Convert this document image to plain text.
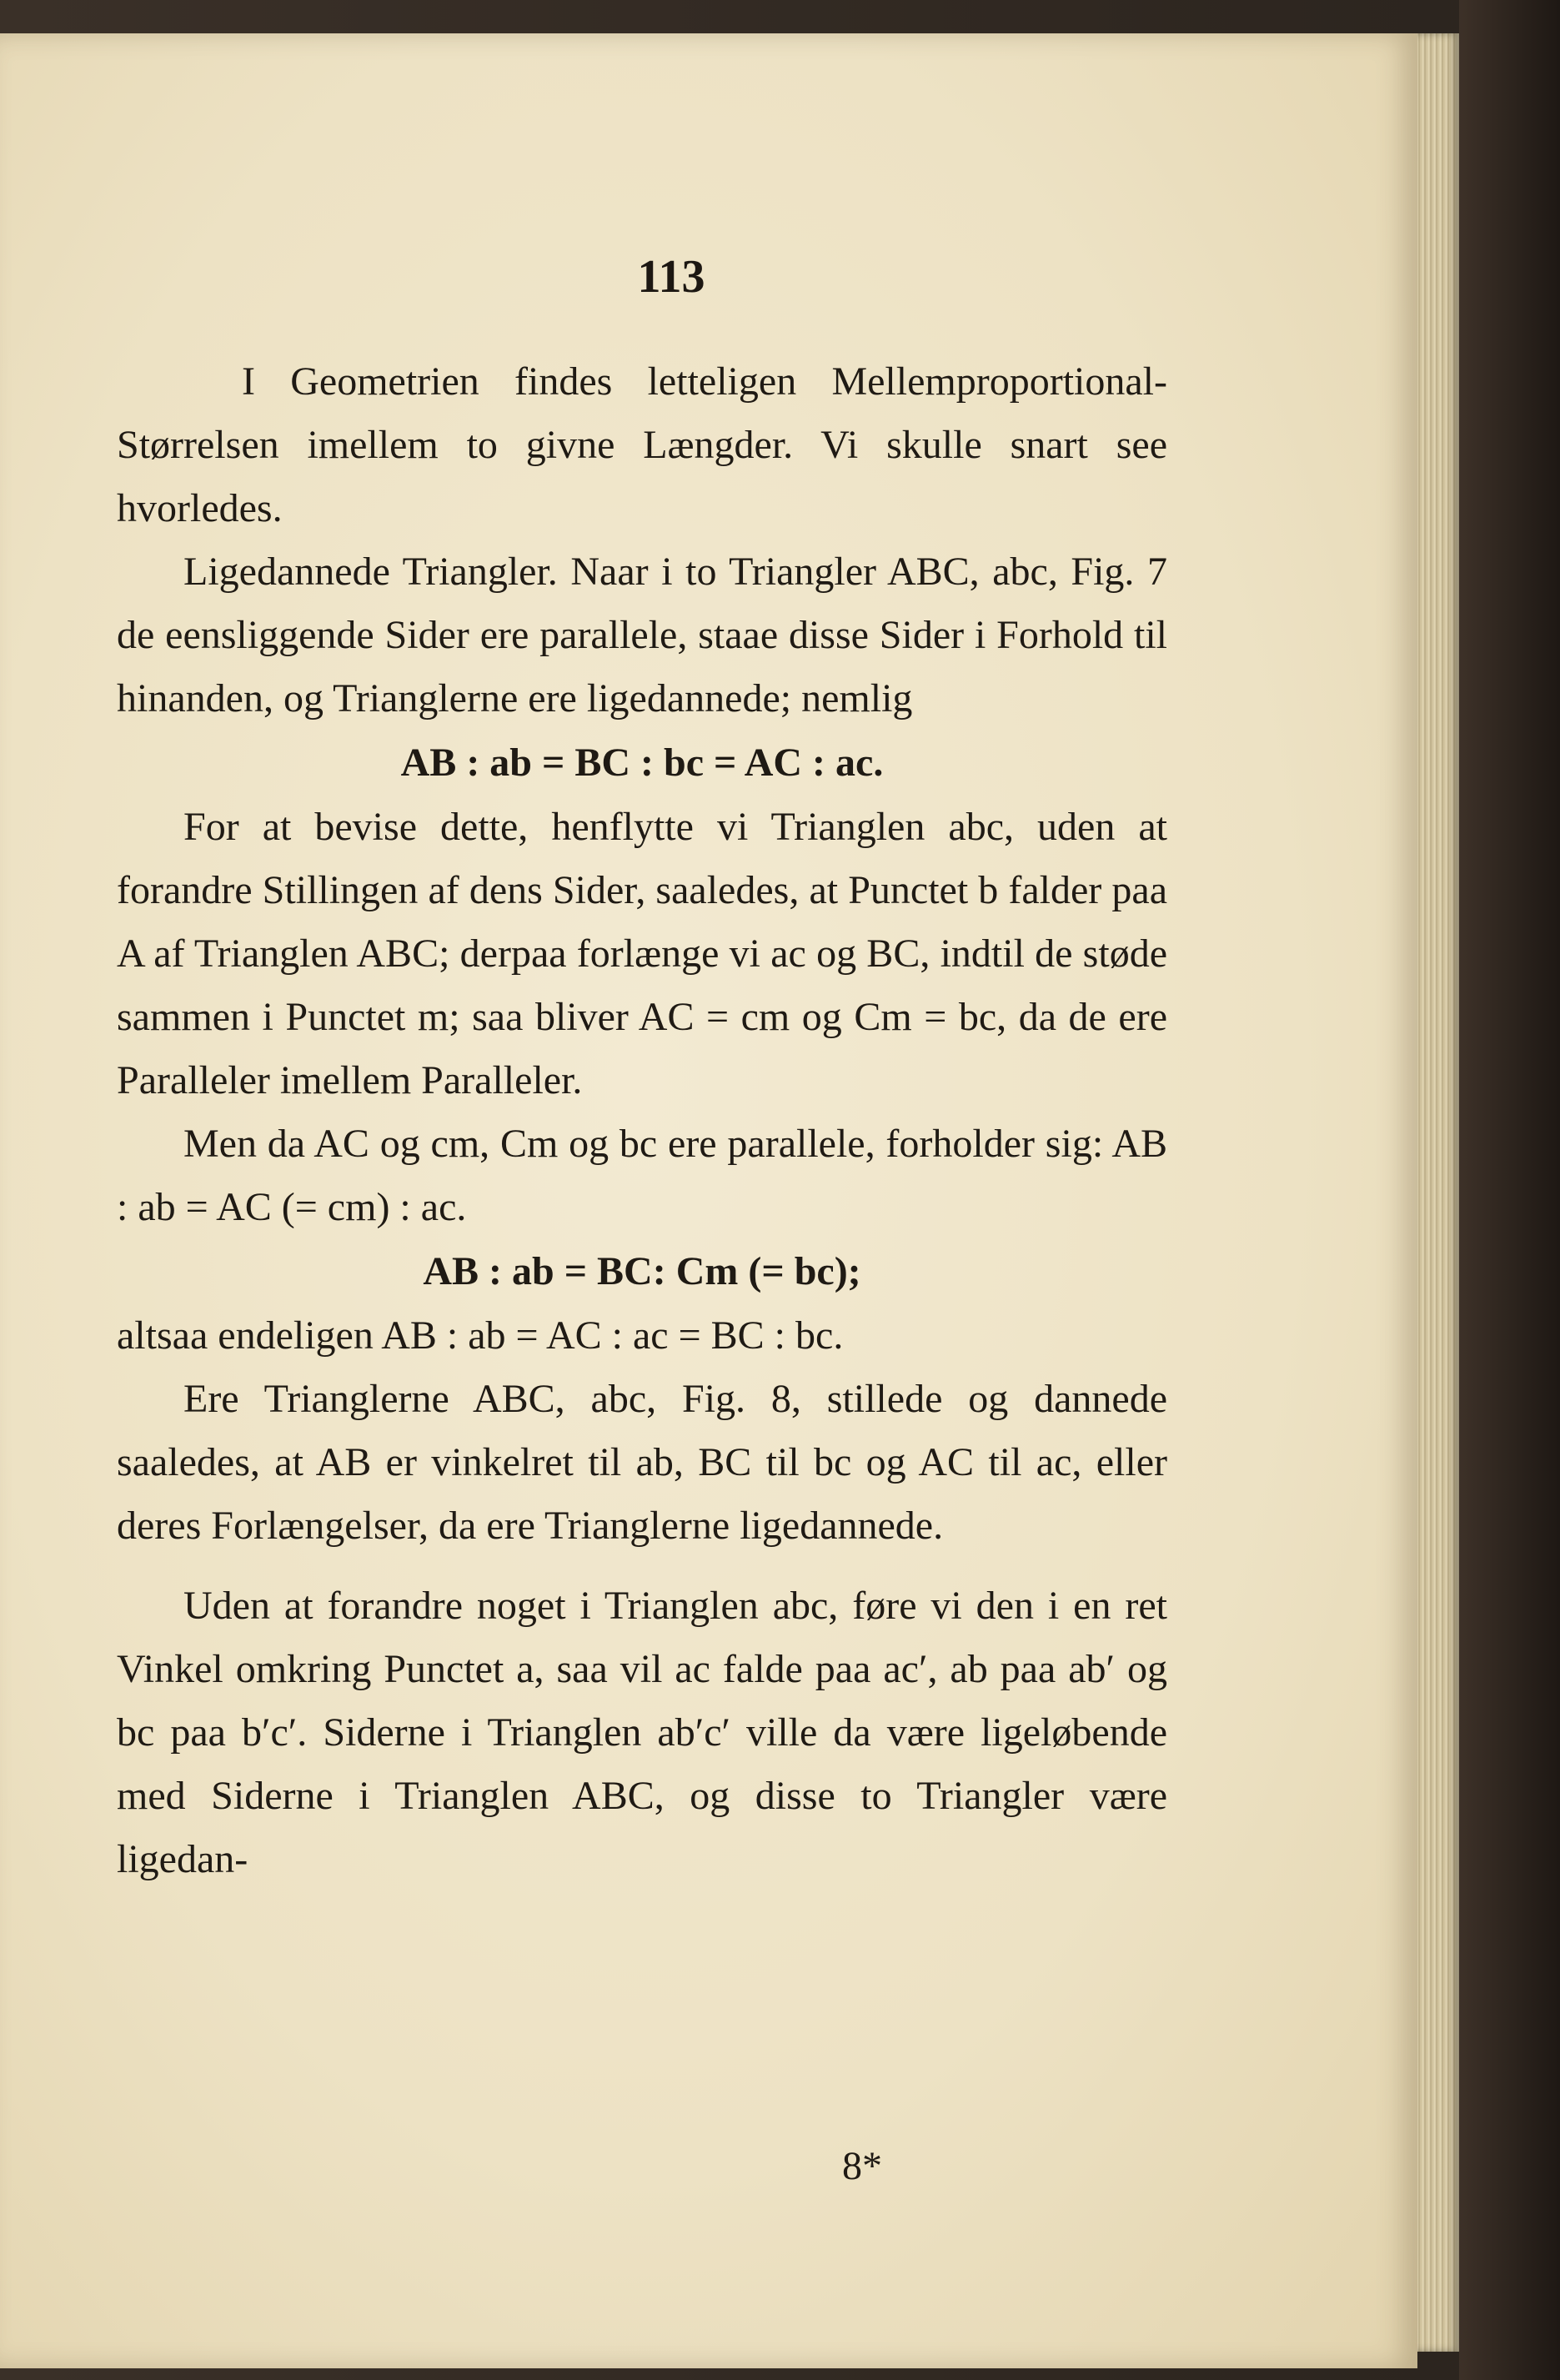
113

I Geometrien findes letteligen Mellemproportional-Størrelsen imellem to givne Længder. Vi skulle snart see hvorledes.

Ligedannede Triangler. Naar i to Triangler ABC, abc, Fig. 7 de eensliggende Sider ere parallele, staae disse Sider i Forhold til hinanden, og Trianglerne ere ligedannede; nemlig

AB : ab = BC : bc = AC : ac.

For at bevise dette, henflytte vi Trianglen abc, uden at forandre Stillingen af dens Sider, saaledes, at Punctet b falder paa A af Trianglen ABC; derpaa forlænge vi ac og BC, indtil de støde sammen i Punctet m; saa bliver AC = cm og Cm = bc, da de ere Paralleler imellem Paralleler.

Men da AC og cm, Cm og bc ere parallele, forholder sig: AB : ab = AC (= cm) : ac.

AB : ab = BC: Cm (= bc);

altsaa endeligen AB : ab = AC : ac = BC : bc.

Ere Trianglerne ABC, abc, Fig. 8, stillede og dannede saaledes, at AB er vinkelret til ab, BC til bc og AC til ac, eller deres Forlængelser, da ere Trianglerne ligedannede.

Uden at forandre noget i Trianglen abc, føre vi den i en ret Vinkel omkring Punctet a, saa vil ac falde paa ac′, ab paa ab′ og bc paa b′c′. Siderne i Trianglen ab′c′ ville da være ligeløbende med Siderne i Trianglen ABC, og disse to Triangler være ligedan-

8*
